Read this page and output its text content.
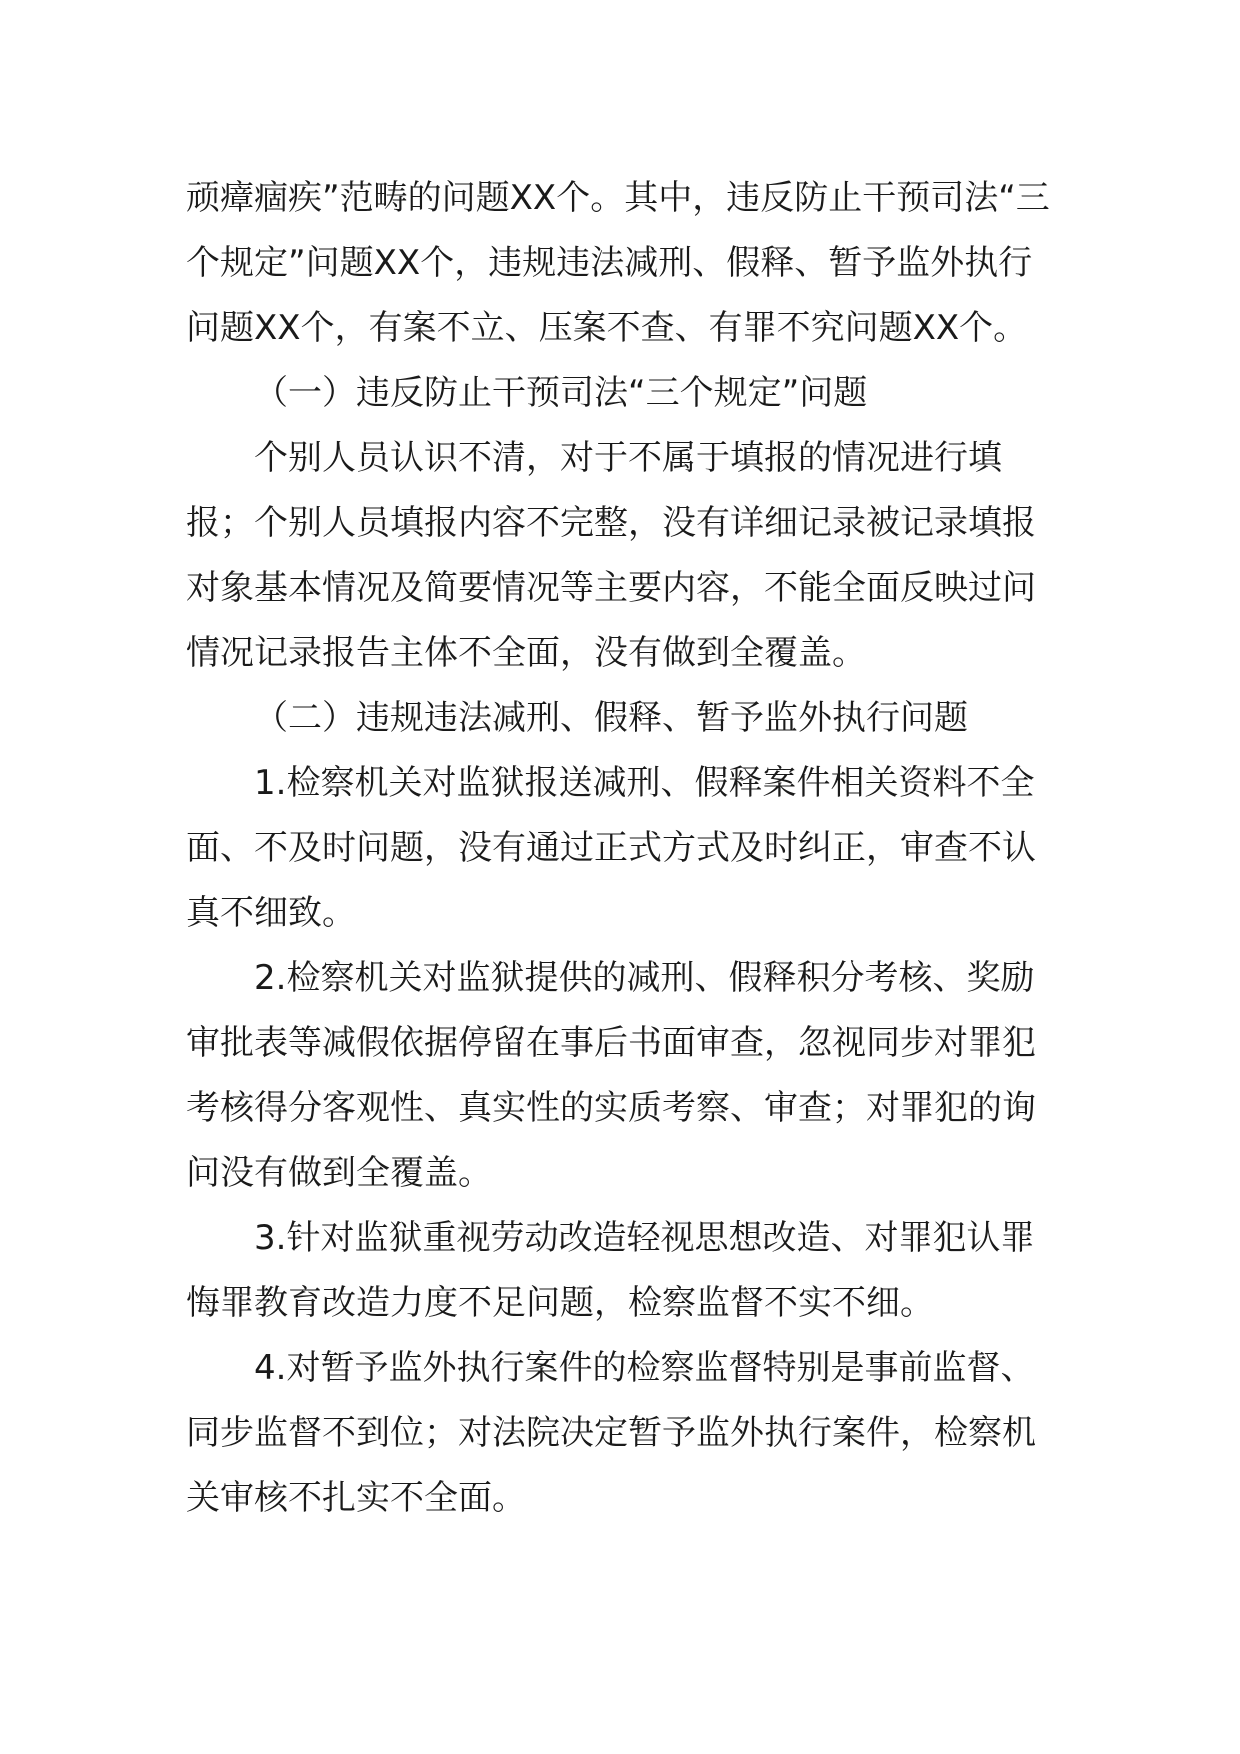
顽瘴痼疾”范畴的问题XX个。其中，违反防止干预司法“三个规定”问题XX个，违规违法减刑、假释、暂予监外执行问题XX个，有案不立、压案不查、有罪不究问题XX个。

（一）违反防止干预司法“三个规定”问题

个别人员认识不清，对于不属于填报的情况进行填报；个别人员填报内容不完整，没有详细记录被记录填报对象基本情况及简要情况等主要内容，不能全面反映过问情况记录报告主体不全面，没有做到全覆盖。

（二）违规违法减刑、假释、暂予监外执行问题

1.检察机关对监狱报送减刑、假释案件相关资料不全面、不及时问题，没有通过正式方式及时纠正，审查不认真不细致。

2.检察机关对监狱提供的减刑、假释积分考核、奖励审批表等减假依据停留在事后书面审查，忽视同步对罪犯考核得分客观性、真实性的实质考察、审查；对罪犯的询问没有做到全覆盖。

3.针对监狱重视劳动改造轻视思想改造、对罪犯认罪悔罪教育改造力度不足问题，检察监督不实不细。

4.对暂予监外执行案件的检察监督特别是事前监督、同步监督不到位；对法院决定暂予监外执行案件，检察机关审核不扎实不全面。
